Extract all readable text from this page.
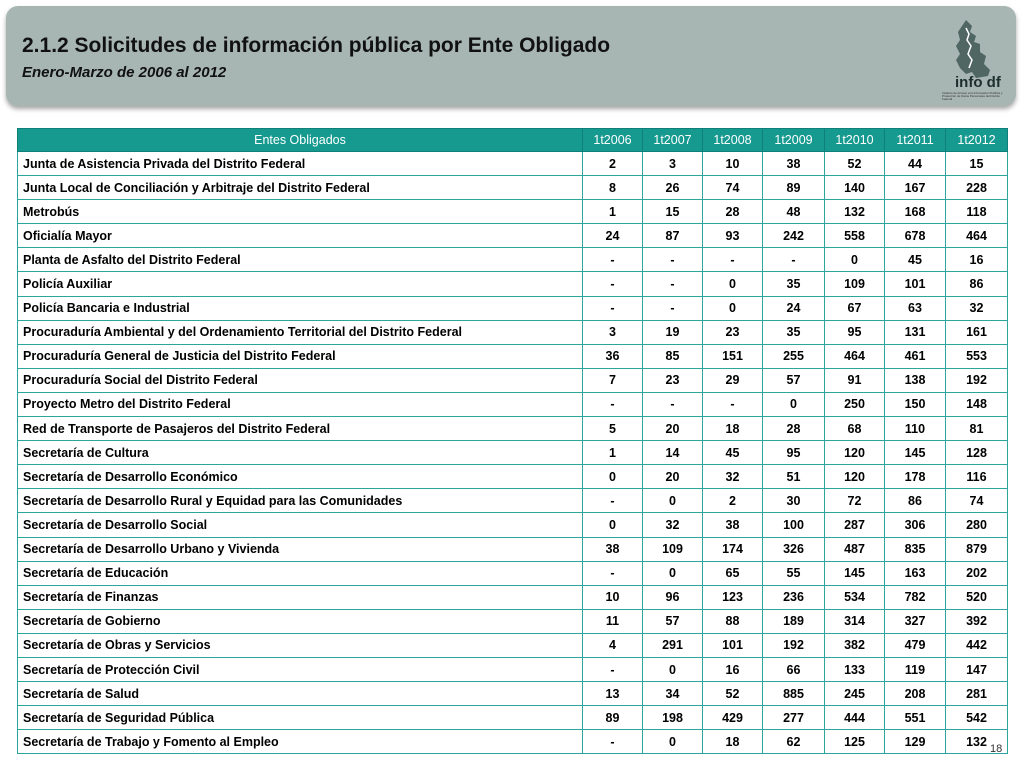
2.1.2 Solicitudes de información pública por Ente Obligado
Enero-Marzo de 2006 al 2012
info df
Instituto de Acceso a la Información Pública y Protección de Datos Personales del Distrito Federal
Entes Obligados	1t2006	1t2007	1t2008	1t2009	1t2010	1t2011	1t2012
Junta de Asistencia Privada del Distrito Federal	2	3	10	38	52	44	15
Junta Local de Conciliación y Arbitraje del Distrito Federal	8	26	74	89	140	167	228
Metrobús	1	15	28	48	132	168	118
Oficialía Mayor	24	87	93	242	558	678	464
Planta de Asfalto del Distrito Federal	-	-	-	-	0	45	16
Policía Auxiliar	-	-	0	35	109	101	86
Policía Bancaria e Industrial	-	-	0	24	67	63	32
Procuraduría Ambiental y del Ordenamiento Territorial del Distrito Federal	3	19	23	35	95	131	161
Procuraduría General de Justicia del Distrito Federal	36	85	151	255	464	461	553
Procuraduría Social del Distrito Federal	7	23	29	57	91	138	192
Proyecto Metro del Distrito Federal	-	-	-	0	250	150	148
Red de Transporte de Pasajeros del Distrito Federal	5	20	18	28	68	110	81
Secretaría de Cultura	1	14	45	95	120	145	128
Secretaría de Desarrollo Económico	0	20	32	51	120	178	116
Secretaría de Desarrollo Rural y Equidad para las Comunidades	-	0	2	30	72	86	74
Secretaría de Desarrollo Social	0	32	38	100	287	306	280
Secretaría de Desarrollo Urbano y Vivienda	38	109	174	326	487	835	879
Secretaría de Educación	-	0	65	55	145	163	202
Secretaría de Finanzas	10	96	123	236	534	782	520
Secretaría de Gobierno	11	57	88	189	314	327	392
Secretaría de Obras y Servicios	4	291	101	192	382	479	442
Secretaría de Protección Civil	-	0	16	66	133	119	147
Secretaría de Salud	13	34	52	885	245	208	281
Secretaría de Seguridad Pública	89	198	429	277	444	551	542
Secretaría de Trabajo y Fomento al Empleo	-	0	18	62	125	129	132
18
